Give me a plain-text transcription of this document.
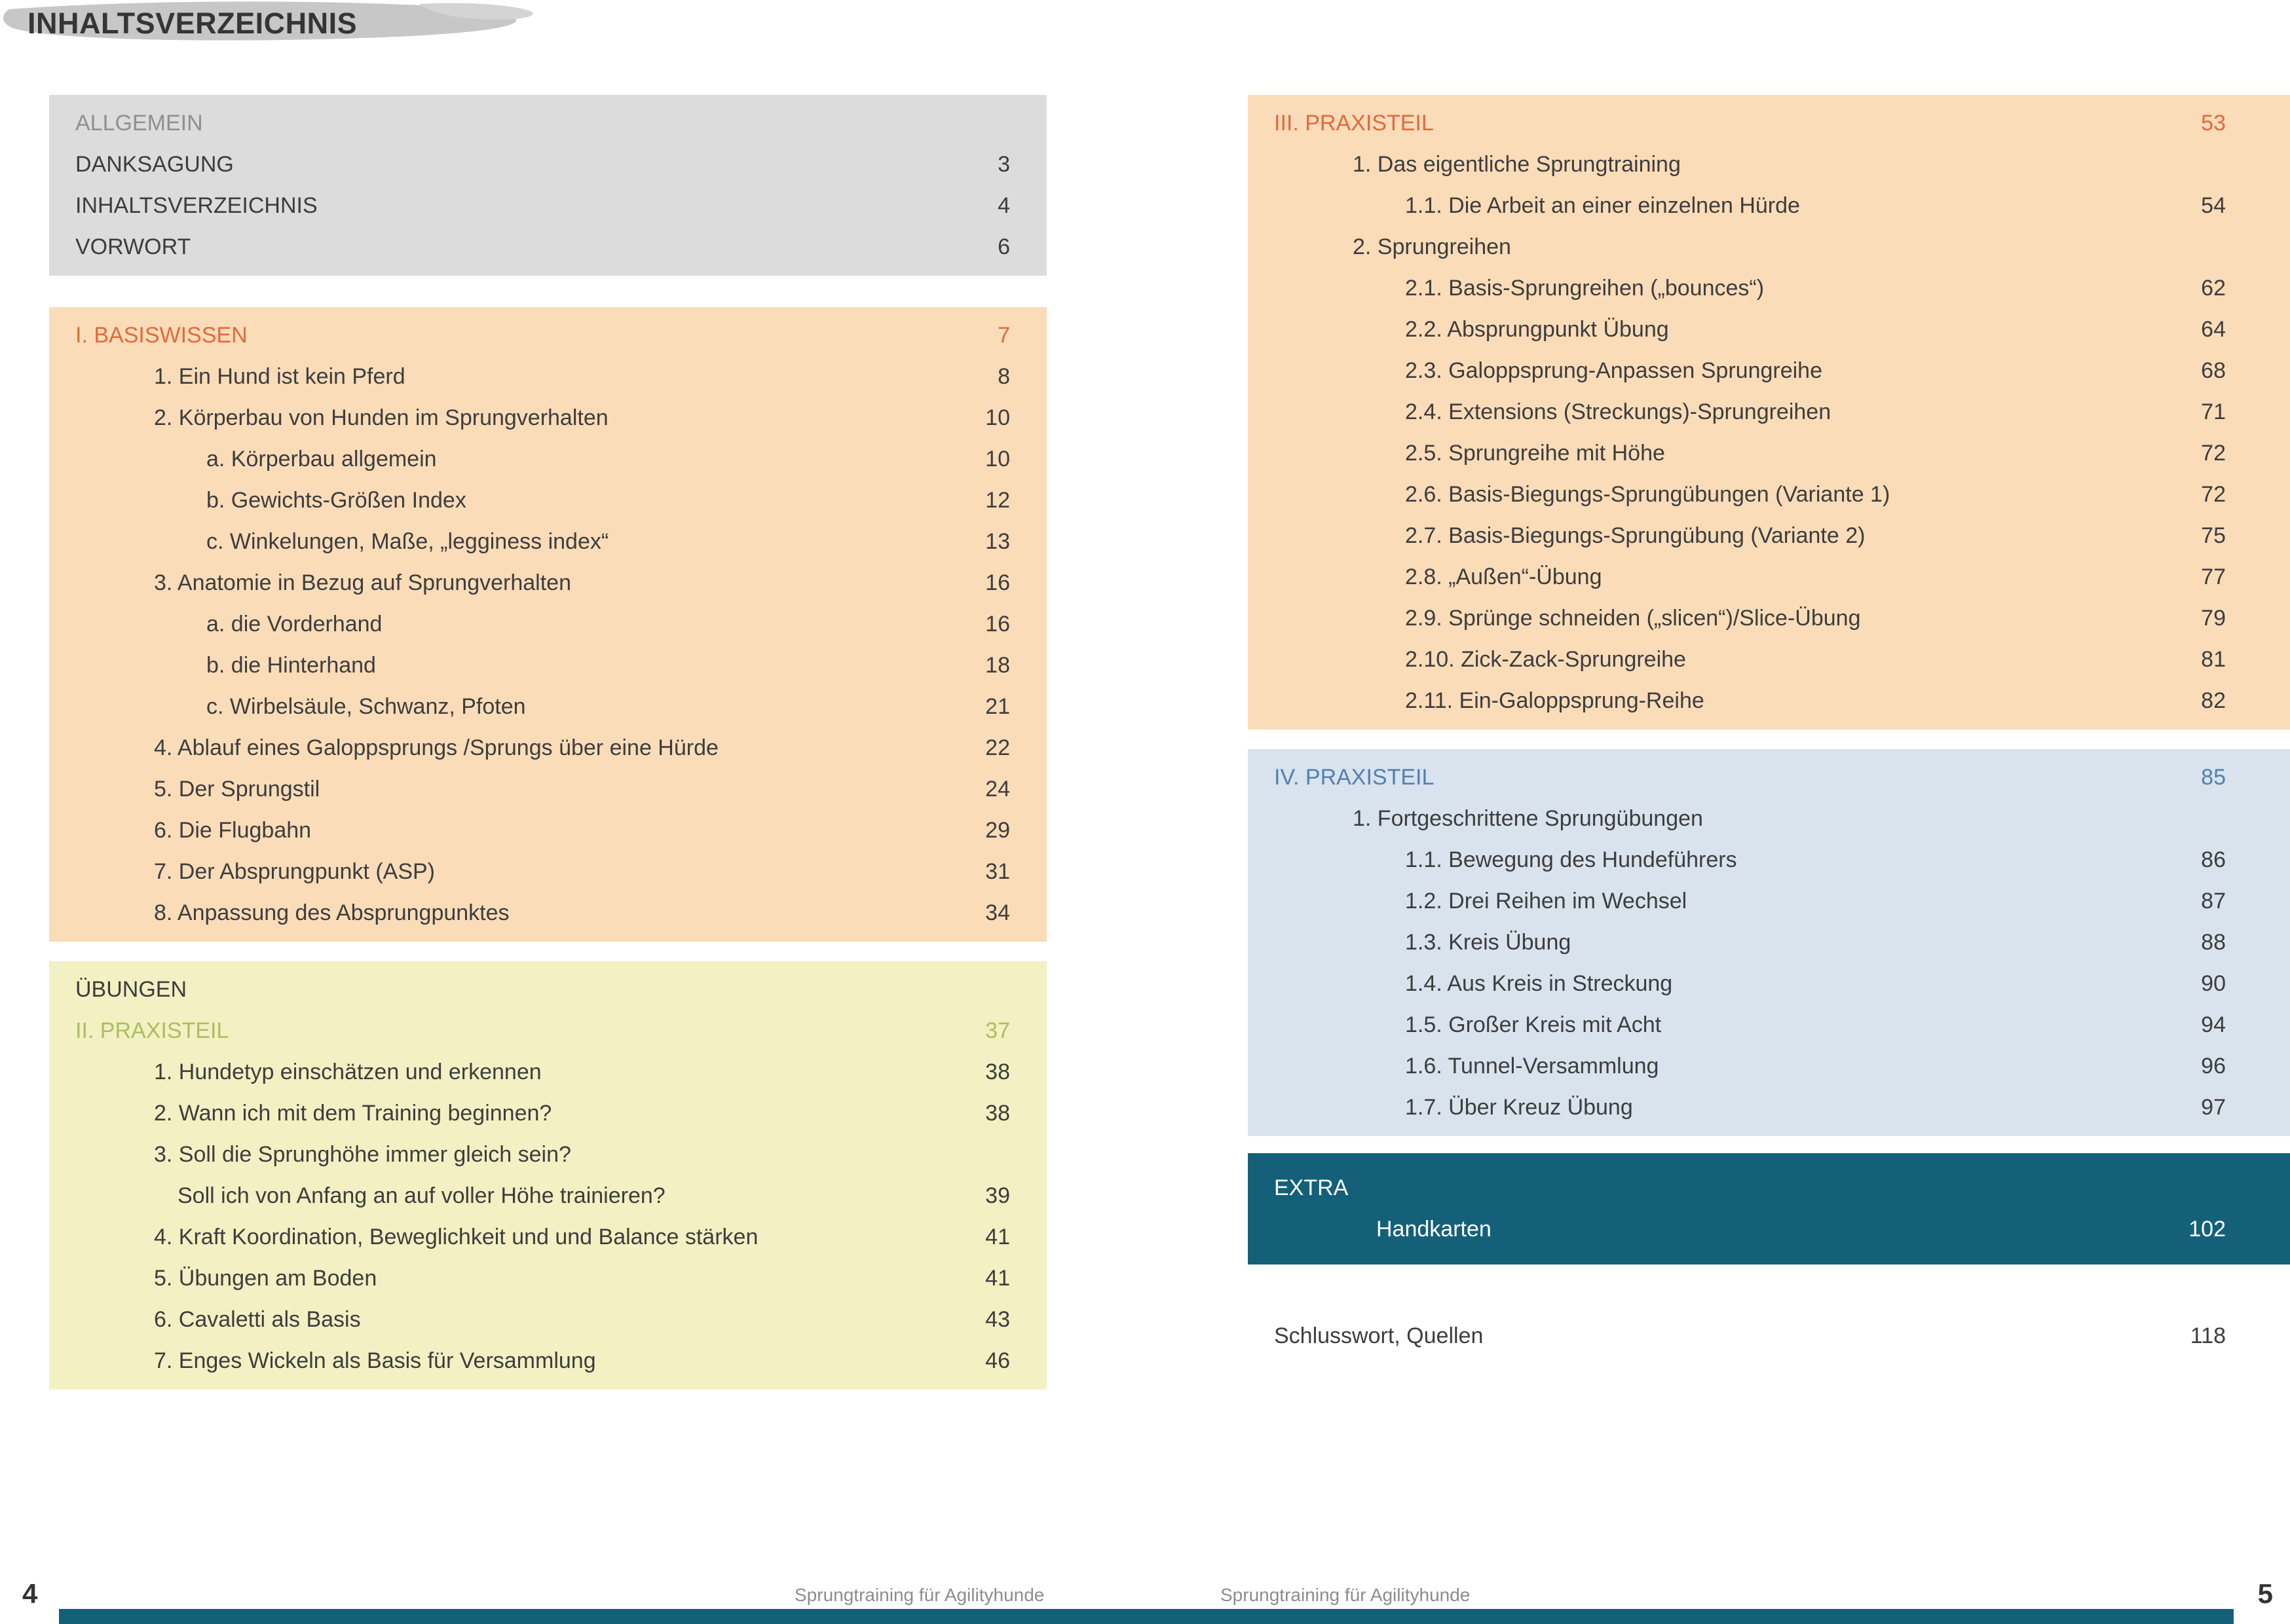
INHALTSVERZEICHNIS
ALLGEMEIN
DANKSAGUNG	3
INHALTSVERZEICHNIS	4
VORWORT	6
I. BASISWISSEN	7
1. Ein Hund ist kein Pferd	8
2. Körperbau von Hunden im Sprungverhalten	10
a. Körperbau allgemein	10
b. Gewichts-Größen Index	12
c. Winkelungen, Maße, „legginess index“	13
3. Anatomie in Bezug auf Sprungverhalten	16
a. die Vorderhand	16
b. die Hinterhand	18
c. Wirbelsäule, Schwanz, Pfoten	21
4. Ablauf eines Galoppsprungs /Sprungs über eine Hürde	22
5. Der Sprungstil	24
6. Die Flugbahn	29
7. Der Absprungpunkt (ASP)	31
8. Anpassung des Absprungpunktes	34
ÜBUNGEN
II. PRAXISTEIL	37
1. Hundetyp einschätzen und erkennen	38
2. Wann ich mit dem Training beginnen?	38
3. Soll die Sprunghöhe immer gleich sein?
Soll ich von Anfang an auf voller Höhe trainieren?	39
4. Kraft Koordination, Beweglichkeit und und Balance stärken	41
5. Übungen am Boden	41
6. Cavaletti als Basis	43
7. Enges Wickeln als Basis für Versammlung	46
III. PRAXISTEIL	53
1. Das eigentliche Sprungtraining
1.1. Die Arbeit an einer einzelnen Hürde	54
2. Sprungreihen
2.1. Basis-Sprungreihen („bounces“)	62
2.2. Absprungpunkt Übung	64
2.3. Galoppsprung-Anpassen Sprungreihe	68
2.4. Extensions (Streckungs)-Sprungreihen	71
2.5. Sprungreihe mit Höhe	72
2.6. Basis-Biegungs-Sprungübungen (Variante 1)	72
2.7. Basis-Biegungs-Sprungübung (Variante 2)	75
2.8. „Außen“-Übung	77
2.9. Sprünge schneiden („slicen“)/Slice-Übung	79
2.10. Zick-Zack-Sprungreihe	81
2.11. Ein-Galoppsprung-Reihe	82
IV. PRAXISTEIL	85
1. Fortgeschrittene Sprungübungen
1.1. Bewegung des Hundeführers	86
1.2. Drei Reihen im Wechsel	87
1.3. Kreis Übung	88
1.4. Aus Kreis in Streckung	90
1.5. Großer Kreis mit Acht	94
1.6. Tunnel-Versammlung	96
1.7. Über Kreuz Übung	97
EXTRA
Handkarten	102
Schlusswort, Quellen	118
4	Sprungtraining für Agilityhunde	Sprungtraining für Agilityhunde	5
